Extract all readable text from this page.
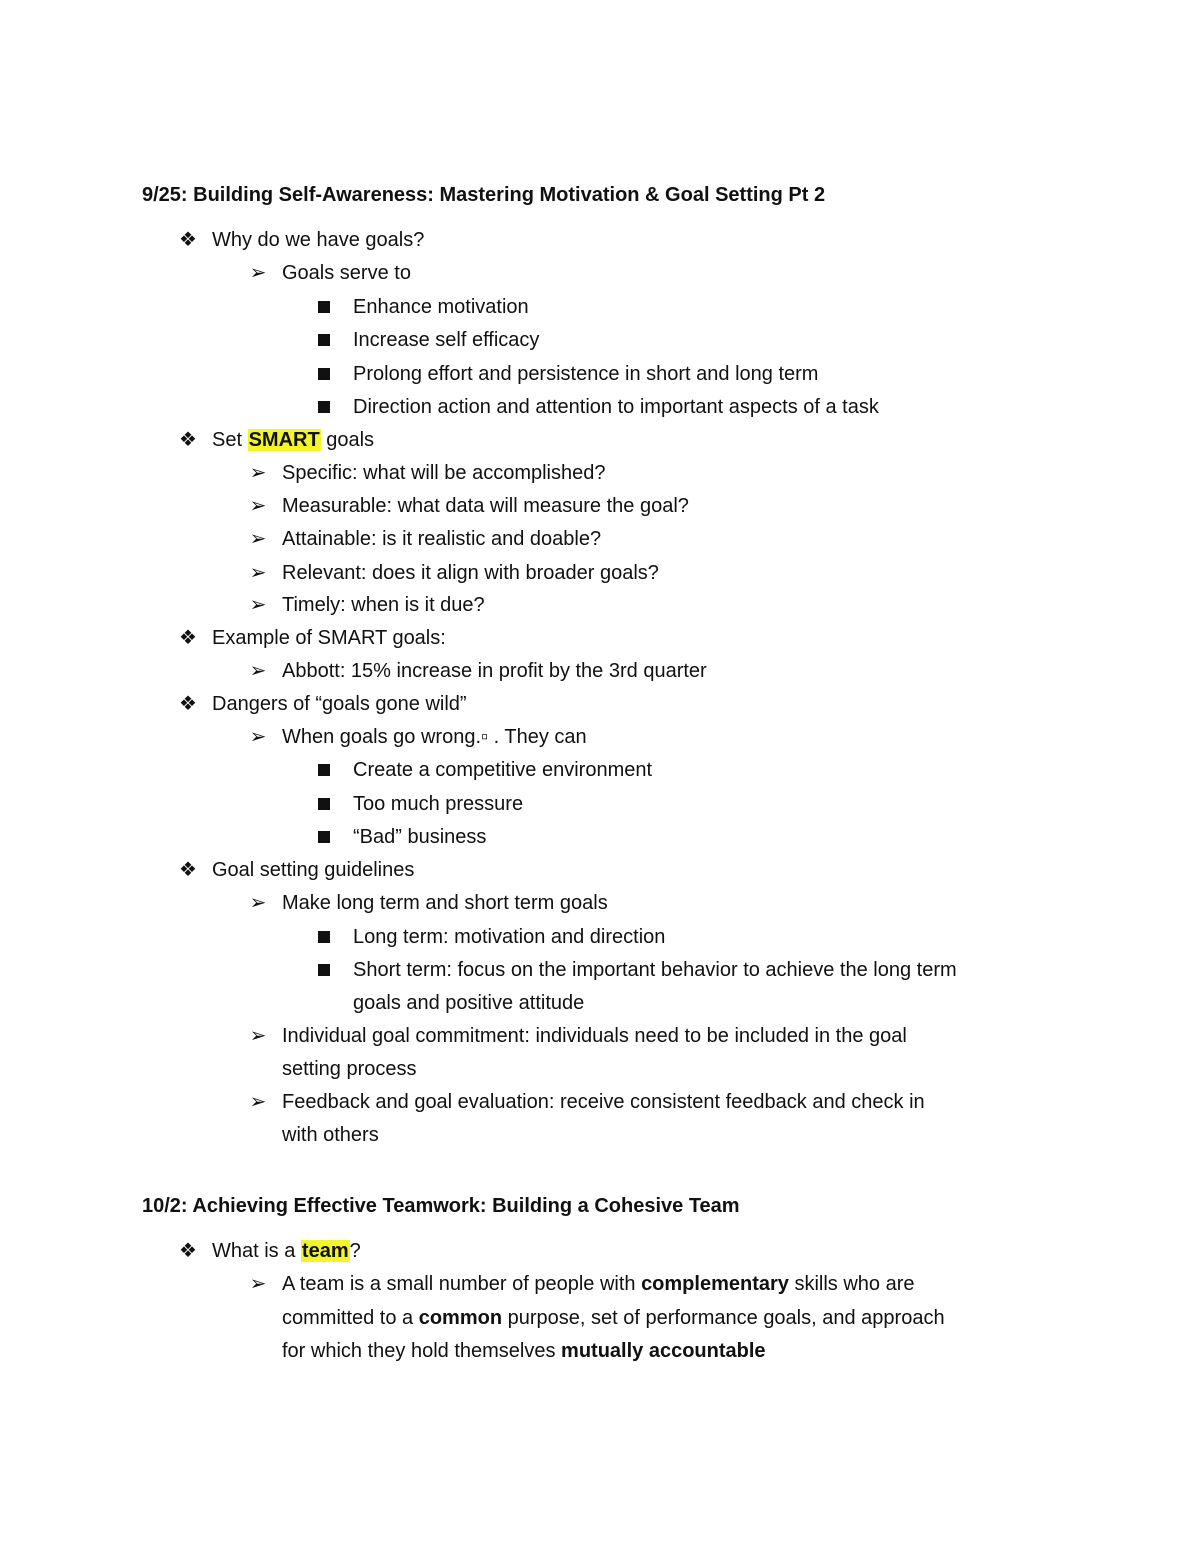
9/25: Building Self-Awareness: Mastering Motivation & Goal Setting Pt 2
❖ Why do we have goals?
➢ Goals serve to
Enhance motivation
Increase self efficacy
Prolong effort and persistence in short and long term
Direction action and attention to important aspects of a task
❖ Set SMART goals
➢ Specific: what will be accomplished?
➢ Measurable: what data will measure the goal?
➢ Attainable: is it realistic and doable?
➢ Relevant: does it align with broader goals?
➢ Timely: when is it due?
❖ Example of SMART goals:
➢ Abbott: 15% increase in profit by the 3rd quarter
❖ Dangers of “goals gone wild”
➢ When goals go wrong.▫ . They can
Create a competitive environment
Too much pressure
“Bad” business
❖ Goal setting guidelines
➢ Make long term and short term goals
Long term: motivation and direction
Short term: focus on the important behavior to achieve the long term
goals and positive attitude
➢ Individual goal commitment: individuals need to be included in the goal
setting process
➢ Feedback and goal evaluation: receive consistent feedback and check in
with others
10/2: Achieving Effective Teamwork: Building a Cohesive Team
❖ What is a team?
➢ A team is a small number of people with complementary skills who are
committed to a common purpose, set of performance goals, and approach
for which they hold themselves mutually accountable
